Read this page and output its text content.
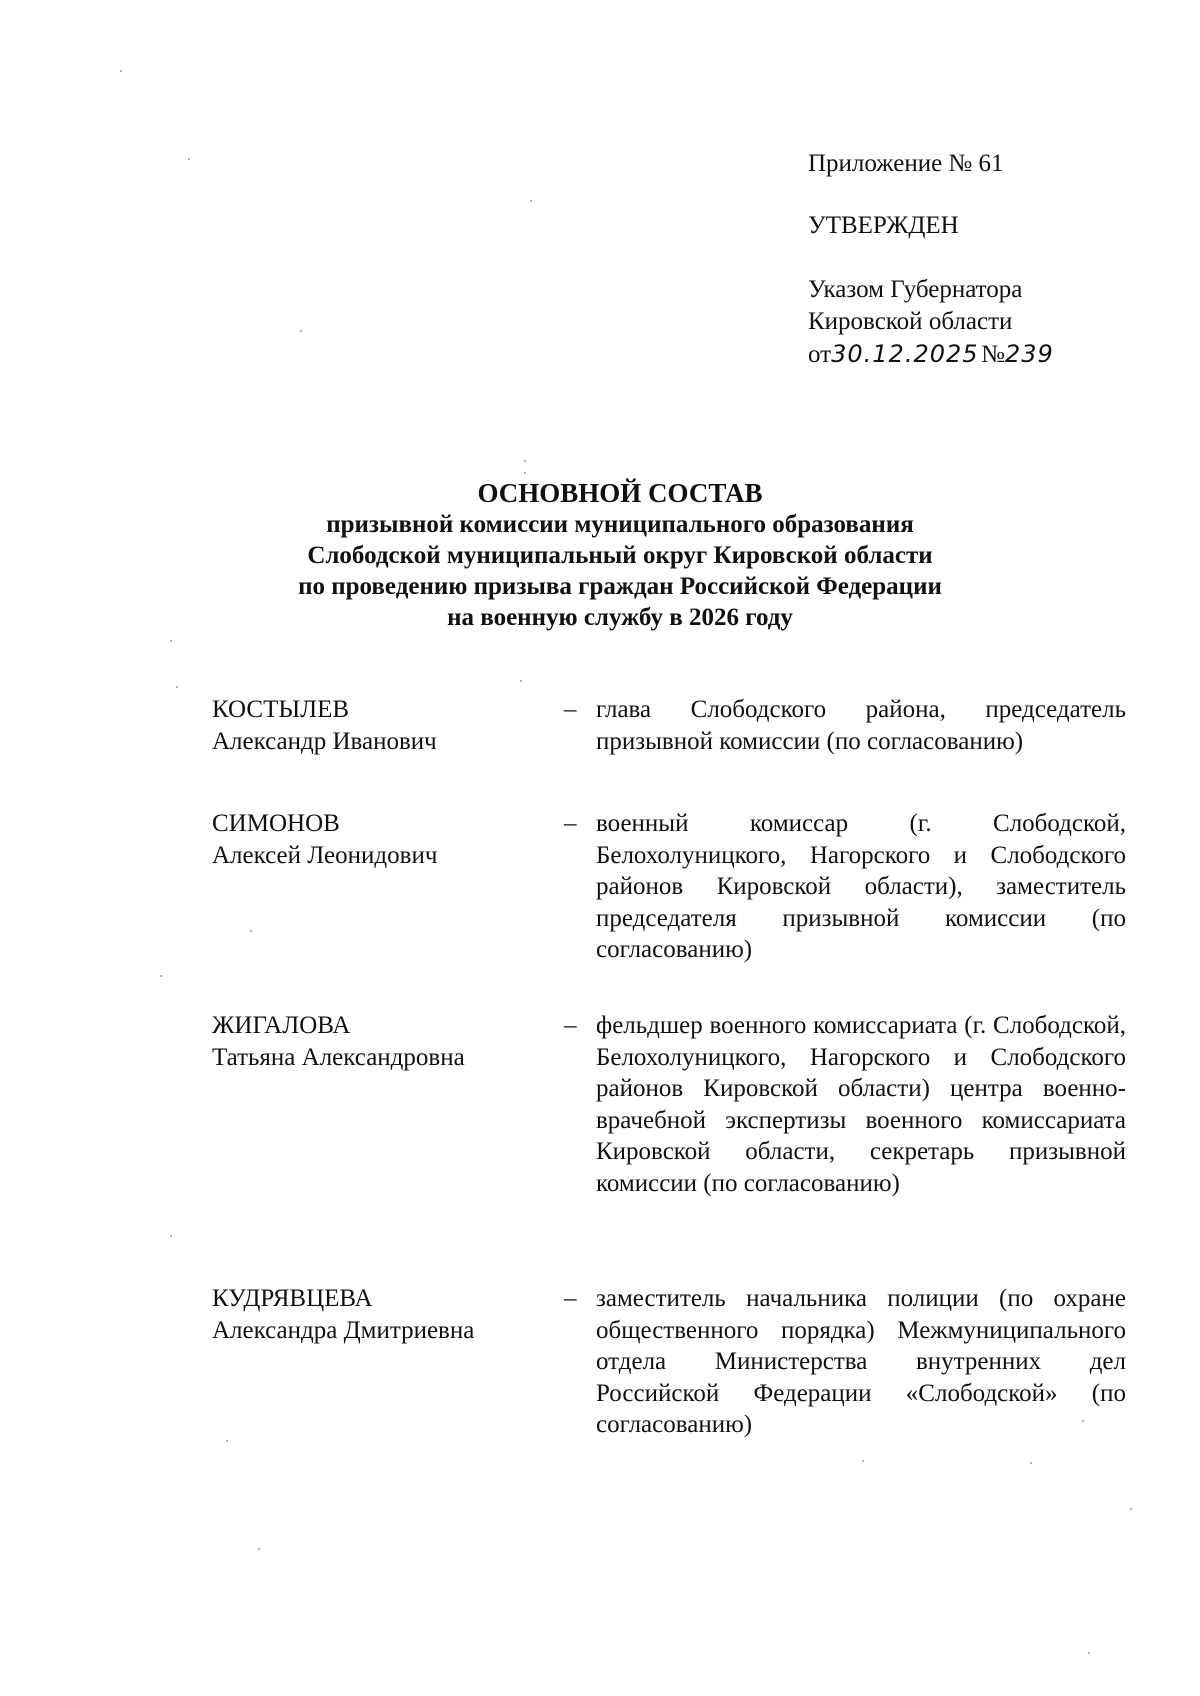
Приложение № 61
УТВЕРЖДЕН
Указом Губернатора
Кировской области
от30.12.2025 №239
ОСНОВНОЙ СОСТАВ
призывной комиссии муниципального образования
Слободской муниципальный округ Кировской области
по проведению призыва граждан Российской Федерации
на военную службу в 2026 году
КОСТЫЛЕВ
Александр Иванович
– глава Слободского района, председатель призывной комиссии (по согласованию)
СИМОНОВ
Алексей Леонидович
– военный комиссар (г. Слободской, Белохолуницкого, Нагорского и Слободского районов Кировской области), заместитель председателя призывной комиссии (по согласованию)
ЖИГАЛОВА
Татьяна Александровна
– фельдшер военного комиссариата (г. Слободской, Белохолуницкого, Нагорского и Слободского районов Кировской области) центра военно-врачебной экспертизы военного комиссариата Кировской области, секретарь призывной комиссии (по согласованию)
КУДРЯВЦЕВА
Александра Дмитриевна
– заместитель начальника полиции (по охране общественного порядка) Межмуниципального отдела Министерства внутренних дел Российской Федерации «Слободской» (по согласованию)
